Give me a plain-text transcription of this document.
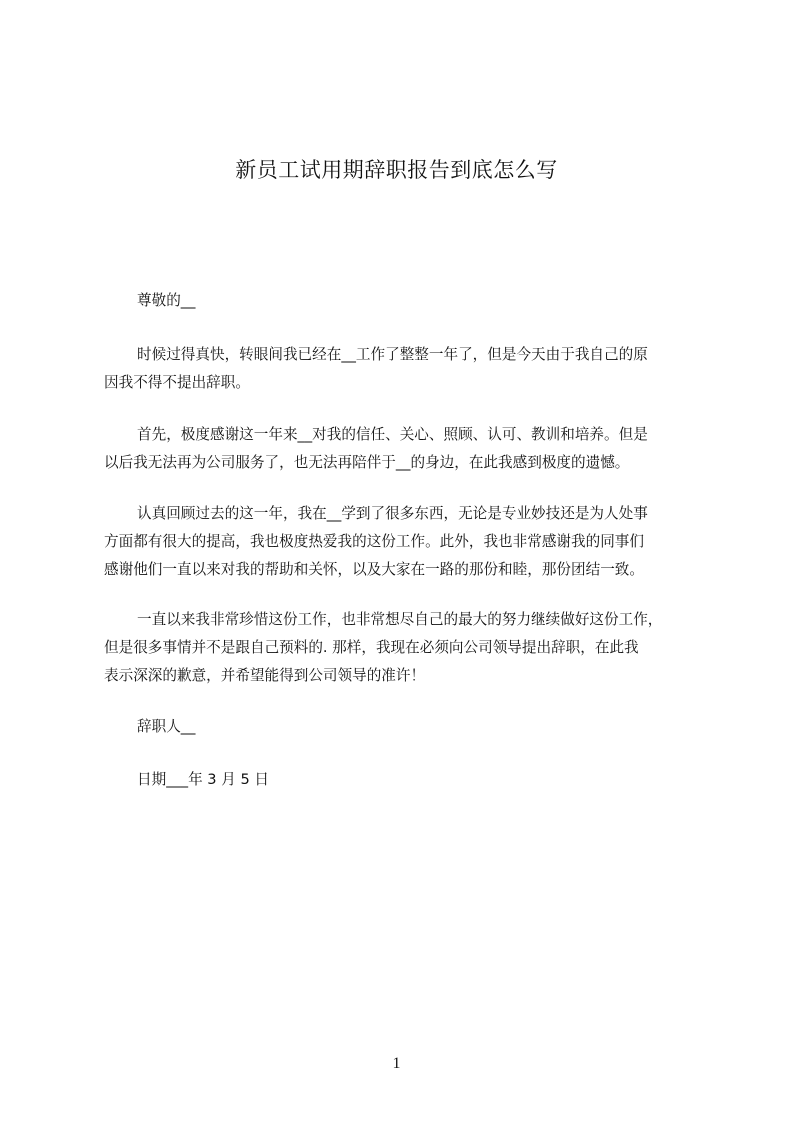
新员工试用期辞职报告到底怎么写
尊敬的__
时候过得真快，转眼间我已经在__工作了整整一年了，但是今天由于我自己的原
因我不得不提出辞职。
首先，极度感谢这一年来__对我的信任、关心、照顾、认可、教训和培养。但是
以后我无法再为公司服务了，也无法再陪伴于__的身边，在此我感到极度的遗憾。
认真回顾过去的这一年，我在__学到了很多东西，无论是专业妙技还是为人处事
方面都有很大的提高，我也极度热爱我的这份工作。此外，我也非常感谢我的同事们
感谢他们一直以来对我的帮助和关怀，以及大家在一路的那份和睦，那份团结一致。
一直以来我非常珍惜这份工作，也非常想尽自己的最大的努力继续做好这份工作，
但是很多事情并不是跟自己预料的. 那样，我现在必须向公司领导提出辞职，在此我
表示深深的歉意，并希望能得到公司领导的准许！
辞职人__
日期___年 3 月 5 日
1
